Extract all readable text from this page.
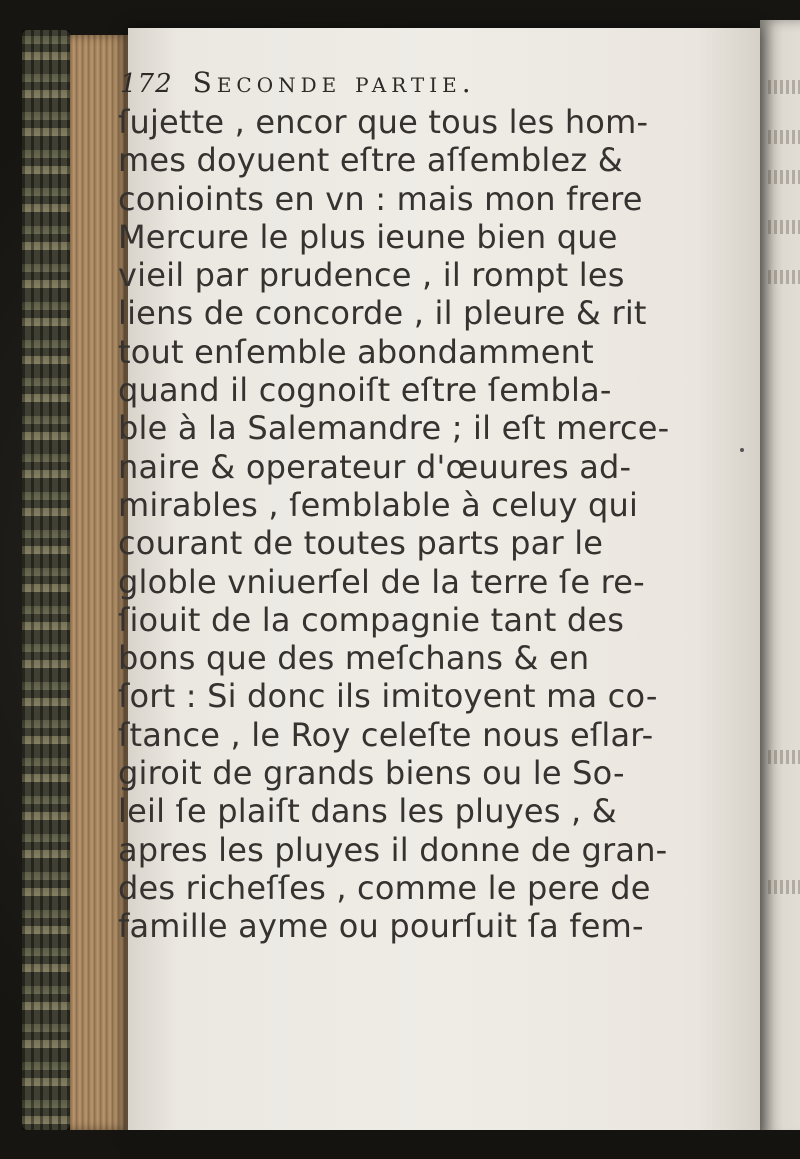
172 Seconde partie.
ſujette , encor que tous les hom-
mes doyuent eſtre aſſemblez &
conioints en vn : mais mon frere
Mercure le plus ieune bien que
vieil par prudence , il rompt les
liens de concorde , il pleure & rit
tout enſemble abondamment
quand il cognoiſt eſtre ſembla-
ble à la Salemandre ; il eſt merce-
naire & operateur d'œuures ad-
mirables , ſemblable à celuy qui
courant de toutes parts par le
globle vniuerſel de la terre ſe re-
ſiouit de la compagnie tant des
bons que des meſchans & en
ſort : Si donc ils imitoyent ma co-
ſtance , le Roy celeſte nous eſlar-
giroit de grands biens ou le So-
leil ſe plaiſt dans les pluyes , &
apres les pluyes il donne de gran-
des richeſſes , comme le pere de
famille ayme ou pourſuit ſa fem-
